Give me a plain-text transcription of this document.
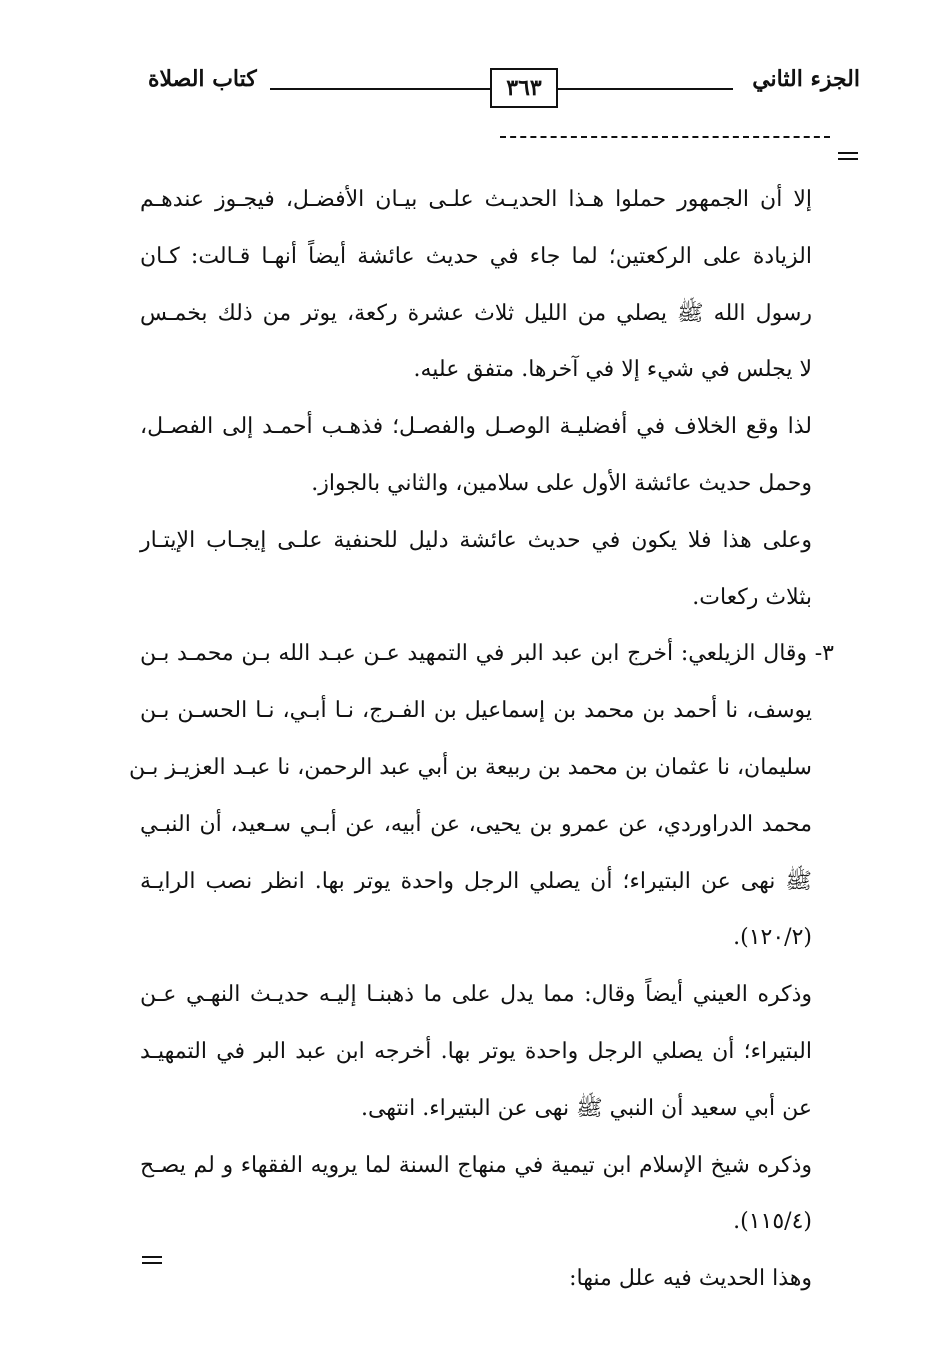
الجزء الثاني
٣٦٣
كتاب الصلاة
إلا أن الجمهور حملوا هـذا الحديـث علـى بيـان الأفضـل، فيجـوز عندهـم
الزيادة على الركعتين؛ لما جاء في حديث عائشة أيضاً أنهـا قـالت: كـان
رسول الله ﷺ يصلي من الليل ثلاث عشرة ركعة، يوتر من ذلك بخمـس
لا يجلس في شيء إلا في آخرها. متفق عليه.
لذا وقع الخلاف في أفضليـة الوصـل والفصـل؛ فذهـب أحمـد إلى الفصـل،
وحمل حديث عائشة الأول على سلامين، والثاني بالجواز.
وعلى هذا فلا يكون في حديث عائشة دليل للحنفية علـى إيجـاب الإيتـار
بثلاث ركعات.
٣- وقال الزيلعي: أخرج ابن عبد البر في التمهيد عـن عبـد الله بـن محمـد بـن
يوسف، نا أحمد بن محمد بن إسماعيل بن الفـرج، نـا أبـي، نـا الحسـن بـن
سليمان، نا عثمان بن محمد بن ربيعة بن أبي عبد الرحمن، نا عبـد العزيـز بـن
محمد الدراوردي، عن عمرو بن يحيى، عن أبيه، عن أبـي سـعيد، أن النبـي
ﷺ نهى عن البتيراء؛ أن يصلي الرجل واحدة يوتر بها. انظر نصب الرايـة
(١٢٠/٢).
وذكره العيني أيضاً وقال: مما يدل على ما ذهبنـا إليـه حديـث النهـي عـن
البتيراء؛ أن يصلي الرجل واحدة يوتر بها. أخرجه ابن عبد البر في التمهيـد
عن أبي سعيد أن النبي ﷺ نهى عن البتيراء. انتهى.
وذكره شيخ الإسلام ابن تيمية في منهاج السنة لما يرويه الفقهاء و لم يصـح
(١١٥/٤).
وهذا الحديث فيه علل منها:
